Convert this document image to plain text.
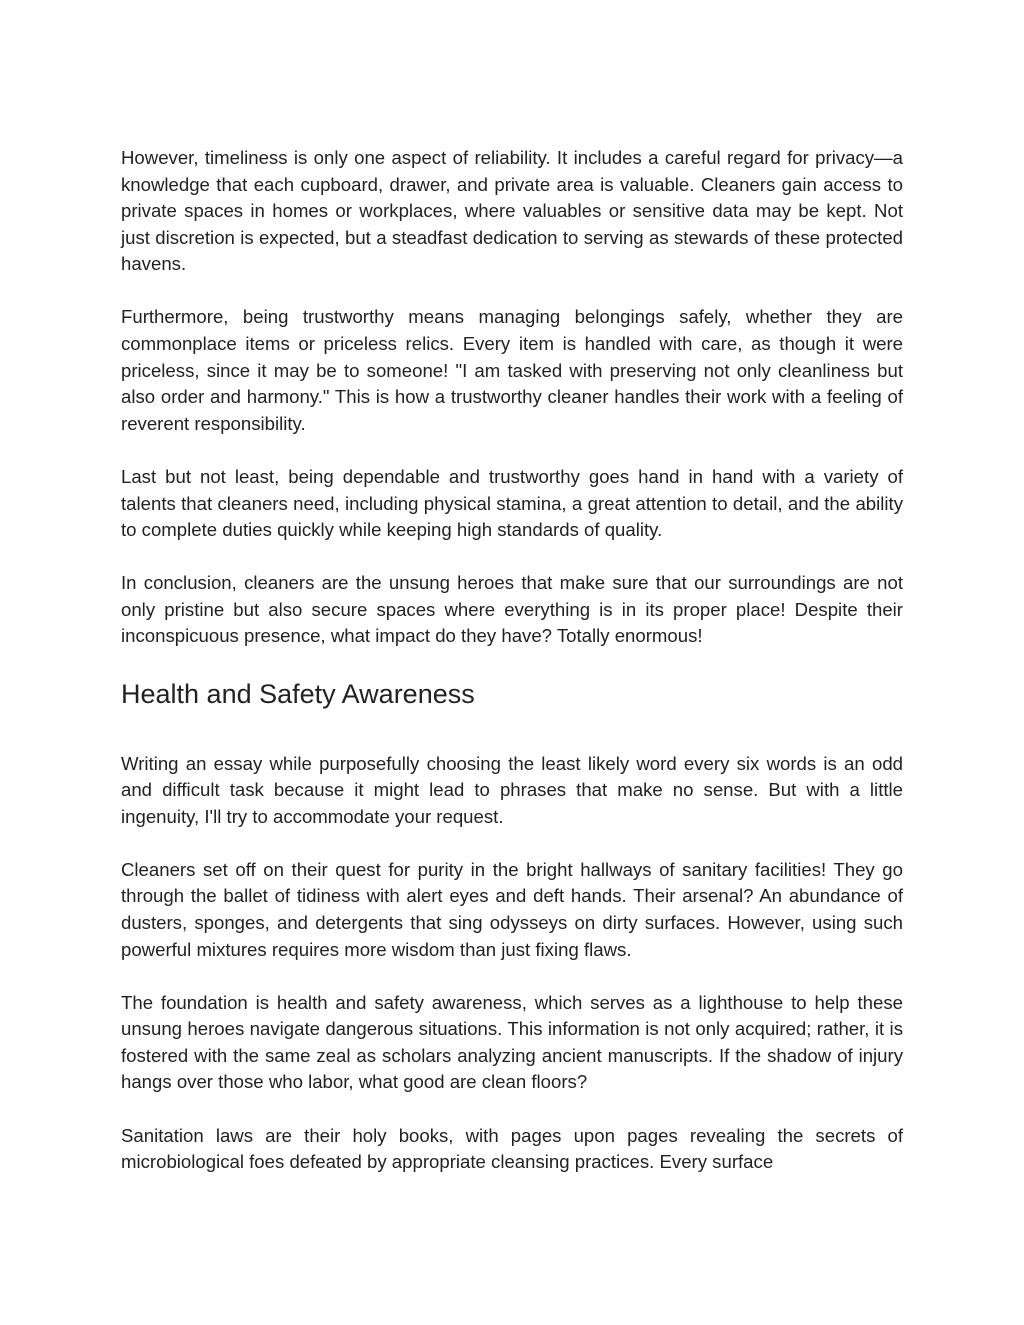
However, timeliness is only one aspect of reliability. It includes a careful regard for privacy—a knowledge that each cupboard, drawer, and private area is valuable. Cleaners gain access to private spaces in homes or workplaces, where valuables or sensitive data may be kept. Not just discretion is expected, but a steadfast dedication to serving as stewards of these protected havens.

Furthermore, being trustworthy means managing belongings safely, whether they are commonplace items or priceless relics. Every item is handled with care, as though it were priceless, since it may be to someone! "I am tasked with preserving not only cleanliness but also order and harmony." This is how a trustworthy cleaner handles their work with a feeling of reverent responsibility.

Last but not least, being dependable and trustworthy goes hand in hand with a variety of talents that cleaners need, including physical stamina, a great attention to detail, and the ability to complete duties quickly while keeping high standards of quality.

In conclusion, cleaners are the unsung heroes that make sure that our surroundings are not only pristine but also secure spaces where everything is in its proper place! Despite their inconspicuous presence, what impact do they have? Totally enormous!

Health and Safety Awareness

Writing an essay while purposefully choosing the least likely word every six words is an odd and difficult task because it might lead to phrases that make no sense. But with a little ingenuity, I'll try to accommodate your request.

Cleaners set off on their quest for purity in the bright hallways of sanitary facilities! They go through the ballet of tidiness with alert eyes and deft hands. Their arsenal? An abundance of dusters, sponges, and detergents that sing odysseys on dirty surfaces. However, using such powerful mixtures requires more wisdom than just fixing flaws.

The foundation is health and safety awareness, which serves as a lighthouse to help these unsung heroes navigate dangerous situations. This information is not only acquired; rather, it is fostered with the same zeal as scholars analyzing ancient manuscripts. If the shadow of injury hangs over those who labor, what good are clean floors?

Sanitation laws are their holy books, with pages upon pages revealing the secrets of microbiological foes defeated by appropriate cleansing practices. Every surface
